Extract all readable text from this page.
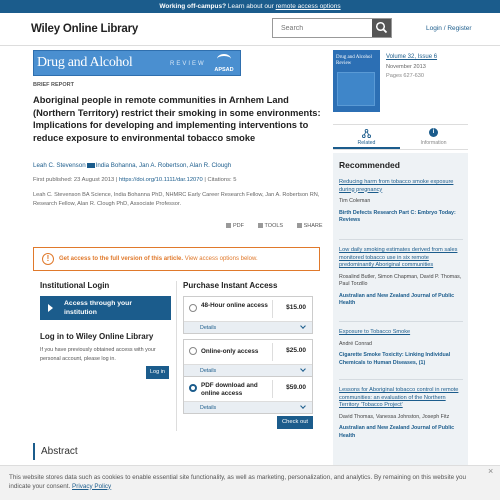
Working off-campus? Learn about our remote access options
Wiley Online Library
Search	Login / Register
Drug and Alcohol	REVIEW
APSAD
BRIEF REPORT
Aboriginal people in remote communities in Arnhem Land (Northern Territory) restrict their smoking in some environments: Implications for developing and implementing interventions to reduce exposure to environmental tobacco smoke
Leah C. Stevenson India Bohanna, Jan A. Robertson, Alan R. Clough
First published: 23 August 2013 | https://doi.org/10.1111/dar.12070 | Citations: 5
Leah C. Stevenson BA Science, India Bohanna PhD, NHMRC Early Career Research Fellow, Jan A. Robertson RN, Research Fellow, Alan R. Clough PhD, Associate Professor.
PDF	TOOLS	SHARE
!	Get access to the full version of this article. View access options below.
Institutional Login
Access through your institution
Log in to Wiley Online Library
If you have previously obtained access with your personal account, please log in.
Log in
Purchase Instant Access
48-Hour online access	$15.00
Details
Online-only access	$25.00
Details
PDF download and online access
$59.00
Details
Check out
Abstract
Drug and Alcohol Review
Volume 32, Issue 6
November 2013
Pages 627-630
Related
i
Information
Recommended
Reducing harm from tobacco smoke exposure during pregnancy
Tim Coleman
Birth Defects Research Part C: Embryo Today: Reviews
Low daily smoking estimates derived from sales monitored tobacco use in six remote predominantly Aboriginal communities
Rosalind Butler, Simon Chapman, David P. Thomas, Paul Torzillo
Australian and New Zealand Journal of Public Health
Exposure to Tobacco Smoke
André Conrad
Cigarette Smoke Toxicity: Linking Individual Chemicals to Human Diseases, (1)
Lessons for Aboriginal tobacco control in remote communities: an evaluation of the Northern Territory 'Tobacco Project'
David Thomas, Vanessa Johnston, Joseph Fitz
Australian and New Zealand Journal of Public Health
This website stores data such as cookies to enable essential site functionality, as well as marketing, personalization, and analytics. By remaining on this website you indicate your consent. Privacy Policy
×
